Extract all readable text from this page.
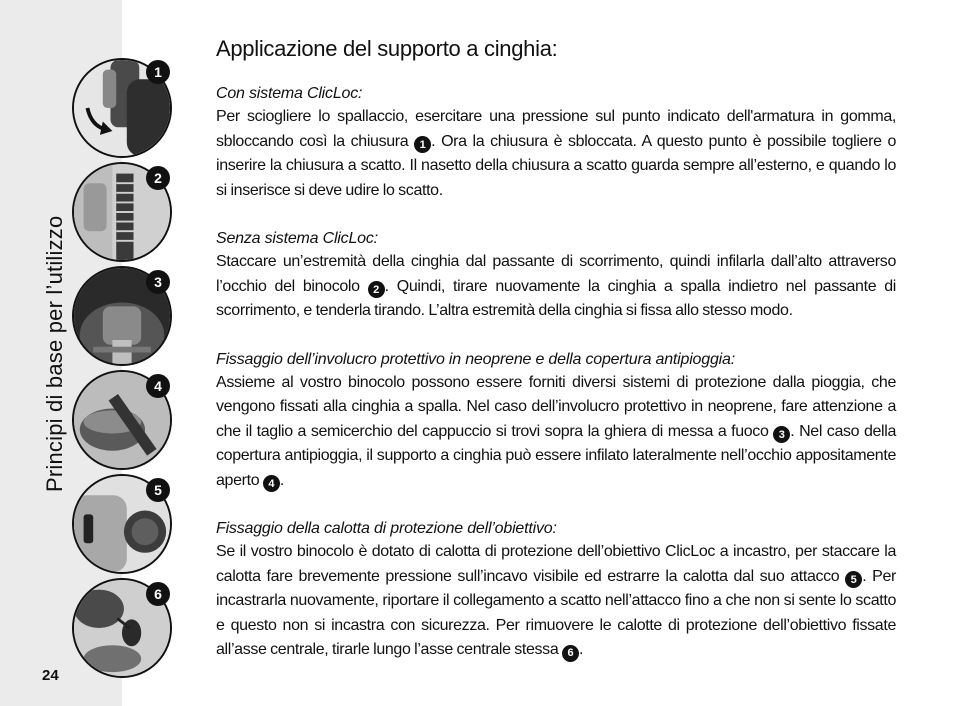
Principi di base per l’utilizzo
1
2
3
4
5
6
24
Applicazione del supporto a cinghia:
Con sistema ClicLoc:

Per sciogliere lo spallaccio, esercitare una pressione sul punto indicato dell'armatura in gomma, sbloccando così la chiusura 1 . Ora la chiusura è sbloccata. A questo punto è possibile togliere o inserire la chiusura a scatto. Il nasetto della chiusura a scatto guarda sempre all’esterno, e quando lo si inserisce si deve udire lo scatto.

Senza sistema ClicLoc:

Staccare un’estremità della cinghia dal passante di scorrimento, quindi infilarla dall’alto attraverso l’occhio del binocolo 2 . Quindi, tirare nuovamente la cinghia a spalla indietro nel passante di scorrimento, e tenderla tirando. L’altra estremità della cinghia si fissa allo stesso modo.

Fissaggio dell’involucro protettivo in neoprene e della copertura antipioggia:

Assieme al vostro binocolo possono essere forniti diversi sistemi di protezione dalla pioggia, che vengono fissati alla cinghia a spalla. Nel caso dell’involucro protettivo in neoprene, fare attenzione a che il taglio a semicerchio del cappuccio si trovi sopra la ghiera di messa a fuoco 3 . Nel caso della copertura antipioggia, il supporto a cinghia può essere infilato lateralmente nell’occhio appositamente aperto 4 .

Fissaggio della calotta di protezione dell’obiettivo:

Se il vostro binocolo è dotato di calotta di protezione dell’obiettivo ClicLoc a incastro, per staccare la calotta fare brevemente pressione sull’incavo visibile ed estrarre la calotta dal suo attacco 5 . Per incastrarla nuovamente, riportare il collegamento a scatto nell’attacco fino a che non si sente lo scatto e questo non si incastra con sicurezza. Per rimuovere le calotte di protezione dell’obiettivo fissate all’asse centrale, tirarle lungo l’asse centrale stessa 6 .
